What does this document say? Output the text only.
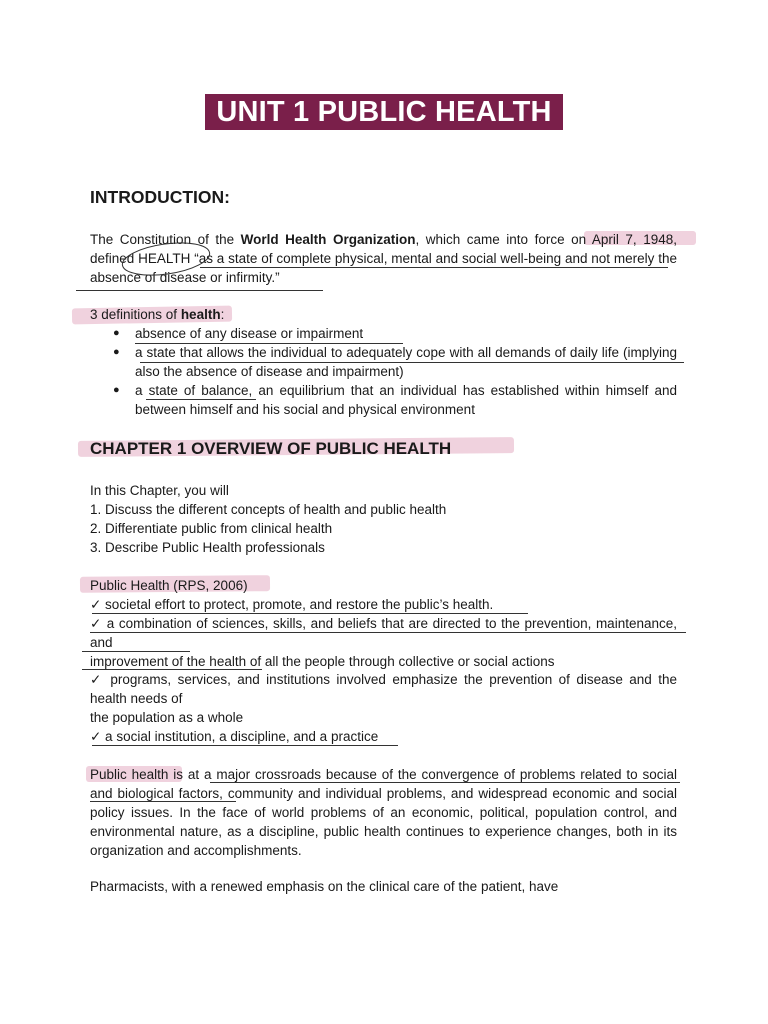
UNIT 1 PUBLIC HEALTH
INTRODUCTION:
The Constitution of the World Health Organization, which came into force on April 7, 1948, defined HEALTH “as a state of complete physical, mental and social well-being and not merely the absence of disease or infirmity.”
3 definitions of health:
● absence of any disease or impairment
● a state that allows the individual to adequately cope with all demands of daily life (implying also the absence of disease and impairment)
● a state of balance, an equilibrium that an individual has established within himself and between himself and his social and physical environment
CHAPTER 1 OVERVIEW OF PUBLIC HEALTH
In this Chapter, you will
1. Discuss the different concepts of health and public health
2. Differentiate public from clinical health
3. Describe Public Health professionals
Public Health (RPS, 2006)
✓ societal effort to protect, promote, and restore the public’s health.
✓ a combination of sciences, skills, and beliefs that are directed to the prevention, maintenance, and
improvement of the health of all the people through collective or social actions
✓ programs, services, and institutions involved emphasize the prevention of disease and the health needs of
the population as a whole
✓ a social institution, a discipline, and a practice
Public health is at a major crossroads because of the convergence of problems related to social and biological factors, community and individual problems, and widespread economic and social policy issues. In the face of world problems of an economic, political, population control, and environmental nature, as a discipline, public health continues to experience changes, both in its organization and accomplishments.
Pharmacists, with a renewed emphasis on the clinical care of the patient, have
